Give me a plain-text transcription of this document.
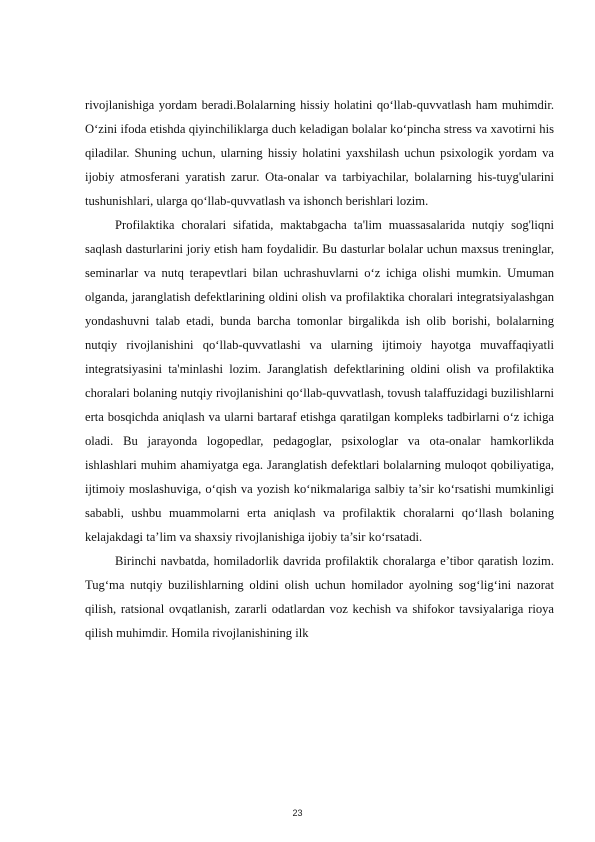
rivojlanishiga yordam beradi.Bolalarning hissiy holatini qo‘llab-quvvatlash ham muhimdir. O‘zini ifoda etishda qiyinchiliklarga duch keladigan bolalar ko‘pincha stress va xavotirni his qiladilar. Shuning uchun, ularning hissiy holatini yaxshilash uchun psixologik yordam va ijobiy atmosferani yaratish zarur. Ota-onalar va tarbiyachilar, bolalarning his-tuyg'ularini tushunishlari, ularga qo‘llab-quvvatlash va ishonch berishlari lozim.

Profilaktika choralari sifatida, maktabgacha ta'lim muassasalarida nutqiy sog'liqni saqlash dasturlarini joriy etish ham foydalidir. Bu dasturlar bolalar uchun maxsus treninglar, seminarlar va nutq terapevtlari bilan uchrashuvlarni o‘z ichiga olishi mumkin. Umuman olganda, jaranglatish defektlarining oldini olish va profilaktika choralari integratsiyalashgan yondashuvni talab etadi, bunda barcha tomonlar birgalikda ish olib borishi, bolalarning nutqiy rivojlanishini qo‘llab-quvvatlashi va ularning ijtimoiy hayotga muvaffaqiyatli integratsiyasini ta'minlashi lozim. Jaranglatish defektlarining oldini olish va profilaktika choralari bolaning nutqiy rivojlanishini qo‘llab-quvvatlash, tovush talaffuzidagi buzilishlarni erta bosqichda aniqlash va ularni bartaraf etishga qaratilgan kompleks tadbirlarni o‘z ichiga oladi. Bu jarayonda logopedlar, pedagoglar, psixologlar va ota-onalar hamkorlikda ishlashlari muhim ahamiyatga ega. Jaranglatish defektlari bolalarning muloqot qobiliyatiga, ijtimoiy moslashuviga, o‘qish va yozish ko‘nikmalariga salbiy ta’sir ko‘rsatishi mumkinligi sababli, ushbu muammolarni erta aniqlash va profilaktik choralarni qo‘llash bolaning kelajakdagi ta’lim va shaxsiy rivojlanishiga ijobiy ta’sir ko‘rsatadi.

Birinchi navbatda, homiladorlik davrida profilaktik choralarga e’tibor qaratish lozim. Tug‘ma nutqiy buzilishlarning oldini olish uchun homilador ayolning sog‘lig‘ini nazorat qilish, ratsional ovqatlanish, zararli odatlardan voz kechish va shifokor tavsiyalariga rioya qilish muhimdir. Homila rivojlanishining ilk

23
